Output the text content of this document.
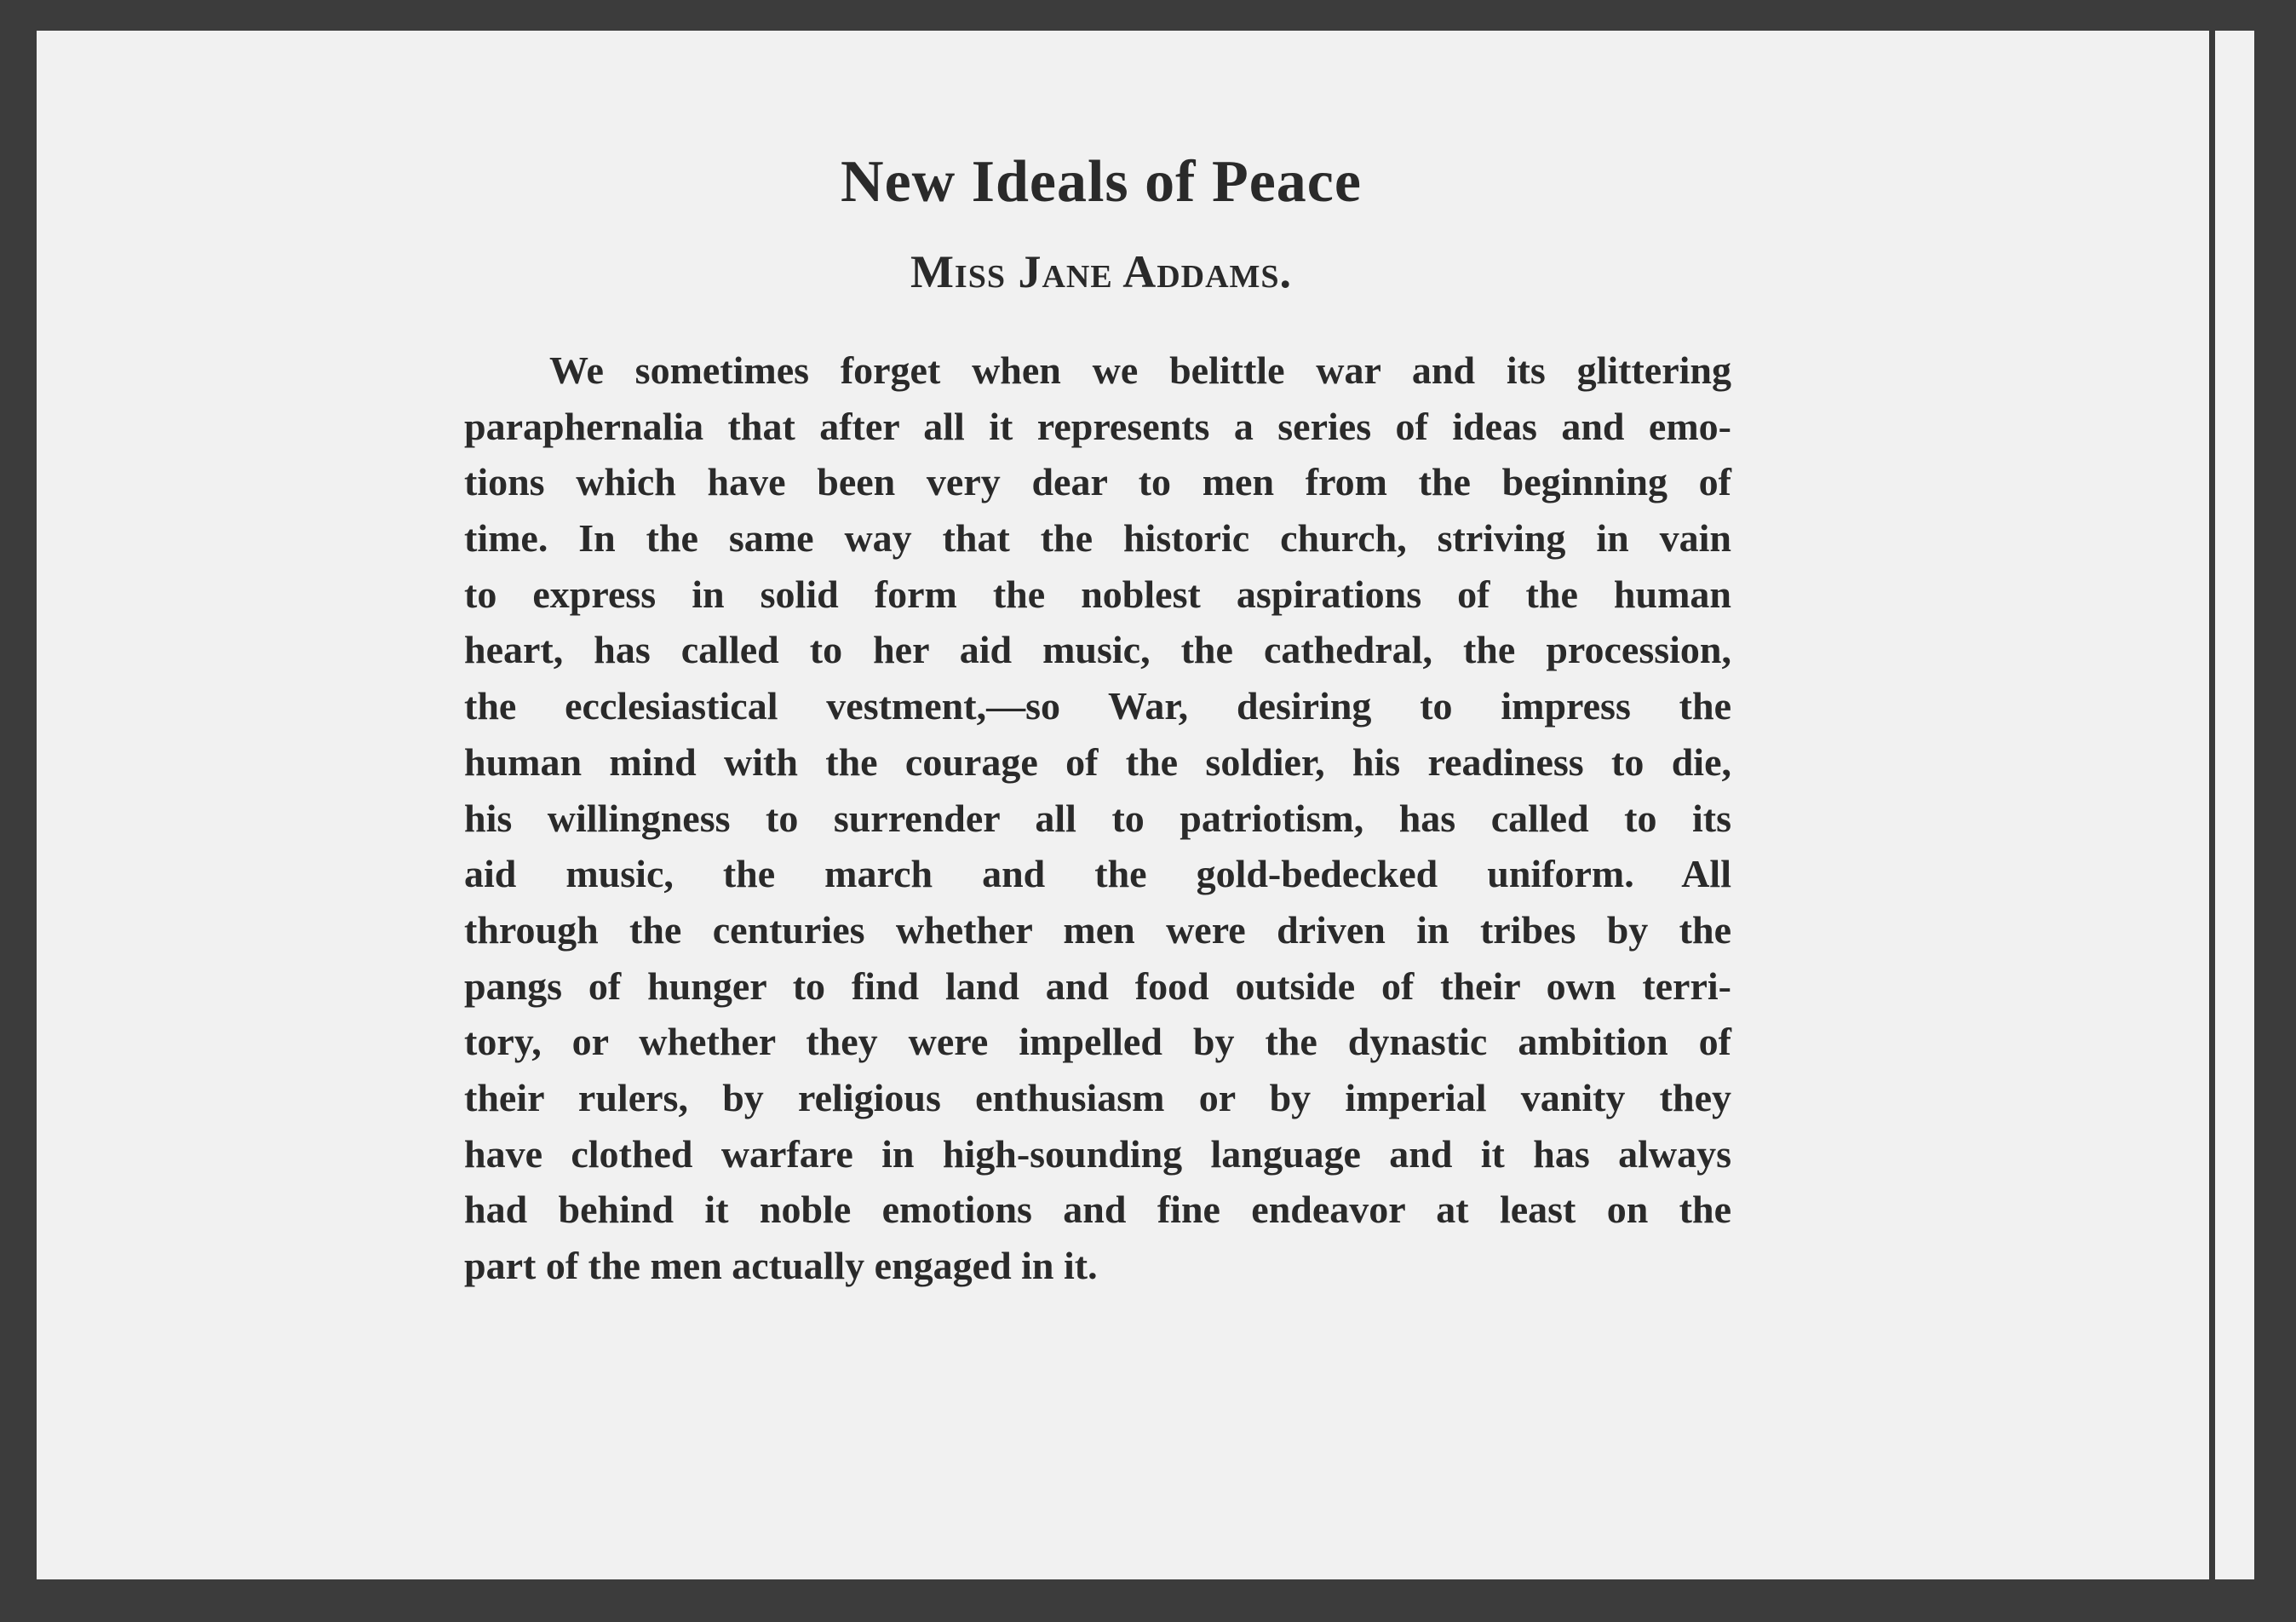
New Ideals of Peace
Miss Jane Addams.
We sometimes forget when we belittle war and its glittering
paraphernalia that after all it represents a series of ideas and emo-
tions which have been very dear to men from the beginning of
time. In the same way that the historic church, striving in vain
to express in solid form the noblest aspirations of the human
heart, has called to her aid music, the cathedral, the procession,
the ecclesiastical vestment,—so War, desiring to impress the
human mind with the courage of the soldier, his readiness to die,
his willingness to surrender all to patriotism, has called to its
aid music, the march and the gold-bedecked uniform. All
through the centuries whether men were driven in tribes by the
pangs of hunger to find land and food outside of their own terri-
tory, or whether they were impelled by the dynastic ambition of
their rulers, by religious enthusiasm or by imperial vanity they
have clothed warfare in high-sounding language and it has always
had behind it noble emotions and fine endeavor at least on the
part of the men actually engaged in it.
